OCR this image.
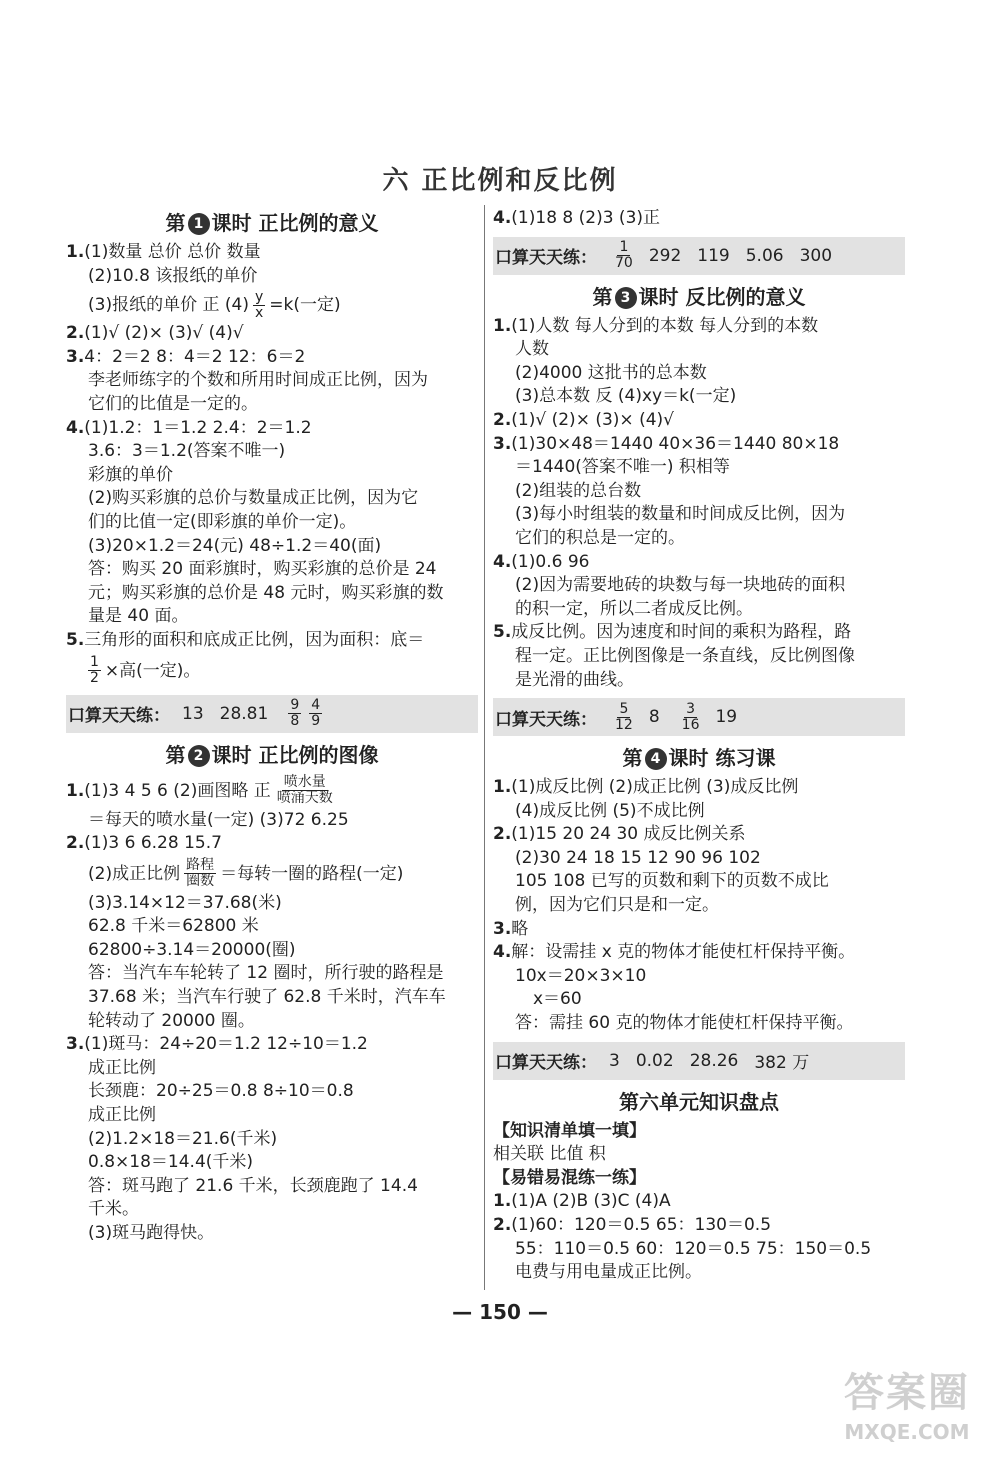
六 正比例和反比例
第 1 课时 正比例的意义
1.(1)数量 总价 总价 数量
(2)10.8 该报纸的单价
(3)报纸的单价 正 $(4) \frac{y}{x} =k$(一定)
2.(1)√ (2)× (3)√ (4)√
3.4：2＝2 8：4＝2 12：6＝2
李老师练字的个数和所用时间成正比例，因为
它们的比值是一定的。
4.(1)1.2：1＝1.2 2.4：2＝1.2
3.6：3＝1.2(答案不唯一)
彩旗的单价
(2)购买彩旗的总价与数量成正比例，因为它
们的比值一定(即彩旗的单价一定)。
(3)20×1.2＝24(元) 48÷1.2＝40(面)
答：购买 20 面彩旗时，购买彩旗的总价是 24
元；购买彩旗的总价是 48 元时，购买彩旗的数
量是 40 面。
5.三角形的面积和底成正比例，因为面积：底＝
$\frac{1}{2}$ ×高(一定)。
口算天天练： 13 $28.81 \frac{9}{8} \frac{4}{9}$
第 2 课时 正比例的图像
1.(1)3 4 5 6 (2)画图略 正 $\frac{\text{喷水量}}{\text{喷涌天数}}$
＝每天的喷水量(一定) (3)72 6.25
2.(1)3 6 6.28 15.7
(2)成正比例 $\frac{\text{路程}}{\text{圈数}}$ ＝每转一圈的路程(一定)
(3)3.14×12＝37.68(米)
62.8 千米＝62800 米
62800÷3.14＝20000(圈)
答：当汽车车轮转了 12 圈时，所行驶的路程是
37.68 米；当汽车行驶了 62.8 千米时，汽车车
轮转动了 20000 圈。
3.(1)斑马：24÷20＝1.2 12÷10＝1.2
成正比例
长颈鹿：20÷25＝0.8 8÷10＝0.8
成正比例
(2)1.2×18＝21.6(千米)
0.8×18＝14.4(千米)
答：斑马跑了 21.6 千米，长颈鹿跑了 14.4
千米。
(3)斑马跑得快。
4.(1)18 8 (2)3 (3)正
口算天天练： $\frac{1}{70} 292$ 119 5.06 300
第 3 课时 反比例的意义
1.(1)人数 每人分到的本数 每人分到的本数
人数
(2)4000 这批书的总本数
(3)总本数 反 (4)xy＝k(一定)
2.(1)√ (2)× (3)× (4)√
3.(1)30×48＝1440 40×36＝1440 80×18
＝1440(答案不唯一) 积相等
(2)组装的总台数
(3)每小时组装的数量和时间成反比例，因为
它们的积总是一定的。
4.(1)0.6 96
(2)因为需要地砖的块数与每一块地砖的面积
的积一定，所以二者成反比例。
5.成反比例。因为速度和时间的乘积为路程，路
程一定。正比例图像是一条直线，反比例图像
是光滑的曲线。
口算天天练： $\frac{5}{12} 8 \frac{3}{16} 19$
第 4 课时 练习课
1.(1)成反比例 (2)成正比例 (3)成反比例
(4)成反比例 (5)不成比例
2.(1)15 20 24 30 成反比例关系
(2)30 24 18 15 12 90 96 102
105 108 已写的页数和剩下的页数不成比
例，因为它们只是和一定。
3.略
4.解：设需挂 x 克的物体才能使杠杆保持平衡。
10x＝20×3×10
x＝60
答：需挂 60 克的物体才能使杠杆保持平衡。
口算天天练： 3 0.02 28.26 382 万
第六单元知识盘点
【知识清单填一填】
相关联 比值 积
【易错易混练一练】
1.(1)A (2)B (3)C (4)A
2.(1)60：120＝0.5 65：130＝0.5
55：110＝0.5 60：120＝0.5 75：150＝0.5
电费与用电量成正比例。
— 150 —
答案圈
MXQE.COM
